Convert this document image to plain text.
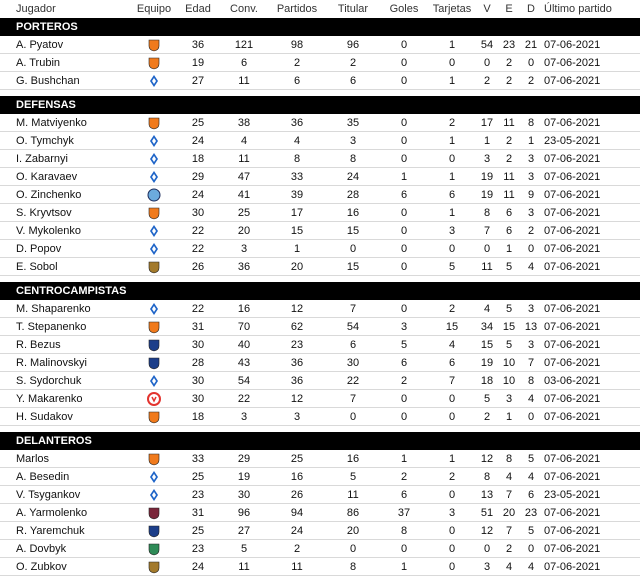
Jugador	Equipo	Edad	Conv.	Partidos	Titular	Goles	Tarjetas	V	E	D Último partido
PORTEROS
A. Pyatov	36	121	98	96	0	1	54 23 21 07-06-2021
A. Trubin	19	6	2	2	0	0	0	2	0 07-06-2021
G. Bushchan	27	11	6	6	0	1	2	2	2 07-06-2021
DEFENSAS
M. Matviyenko	25	38	36	35	0	2	17 11	8 07-06-2021
O. Tymchyk	24	4	4	3	0	1	1	2	1 23-05-2021
I. Zabarnyi	18	11	8	8	0	0	3	2	3 07-06-2021
O. Karavaev	29	47	33	24	1	1	19 11	3 07-06-2021
O. Zinchenko	24	41	39	28	6	6	19 11	9 07-06-2021
S. Kryvtsov	30	25	17	16	0	1	8	6	3 07-06-2021
V. Mykolenko	22	20	15	15	0	3	7	6	2 07-06-2021
D. Popov	22	3	1	0	0	0	0	1	0 07-06-2021
E. Sobol	26	36	20	15	0	5	11	5	4 07-06-2021
CENTROCAMPISTAS
M. Shaparenko	22	16	12	7	0	2	4	5	3 07-06-2021
T. Stepanenko	31	70	62	54	3	15	34 15 13 07-06-2021
R. Bezus	30	40	23	6	5	4	15	5	3 07-06-2021
R. Malinovskyi	28	43	36	30	6	6	19 10	7 07-06-2021
S. Sydorchuk	30	54	36	22	2	7	18 10	8 03-06-2021
Y. Makarenko	30	22	12	7	0	0	5	3	4 07-06-2021
H. Sudakov	18	3	3	0	0	0	2	1	0 07-06-2021
DELANTEROS
Marlos	33	29	25	16	1	1	12	8	5 07-06-2021
A. Besedin	25	19	16	5	2	2	8	4	4 07-06-2021
V. Tsygankov	23	30	26	11	6	0	13	7	6 23-05-2021
A. Yarmolenko	31	96	94	86	37	3	51 20 23 07-06-2021
R. Yaremchuk	25	27	24	20	8	0	12	7	5 07-06-2021
A. Dovbyk	23	5	2	0	0	0	0	2	0 07-06-2021
O. Zubkov	24	11	11	8	1	0	3	4	4 07-06-2021
